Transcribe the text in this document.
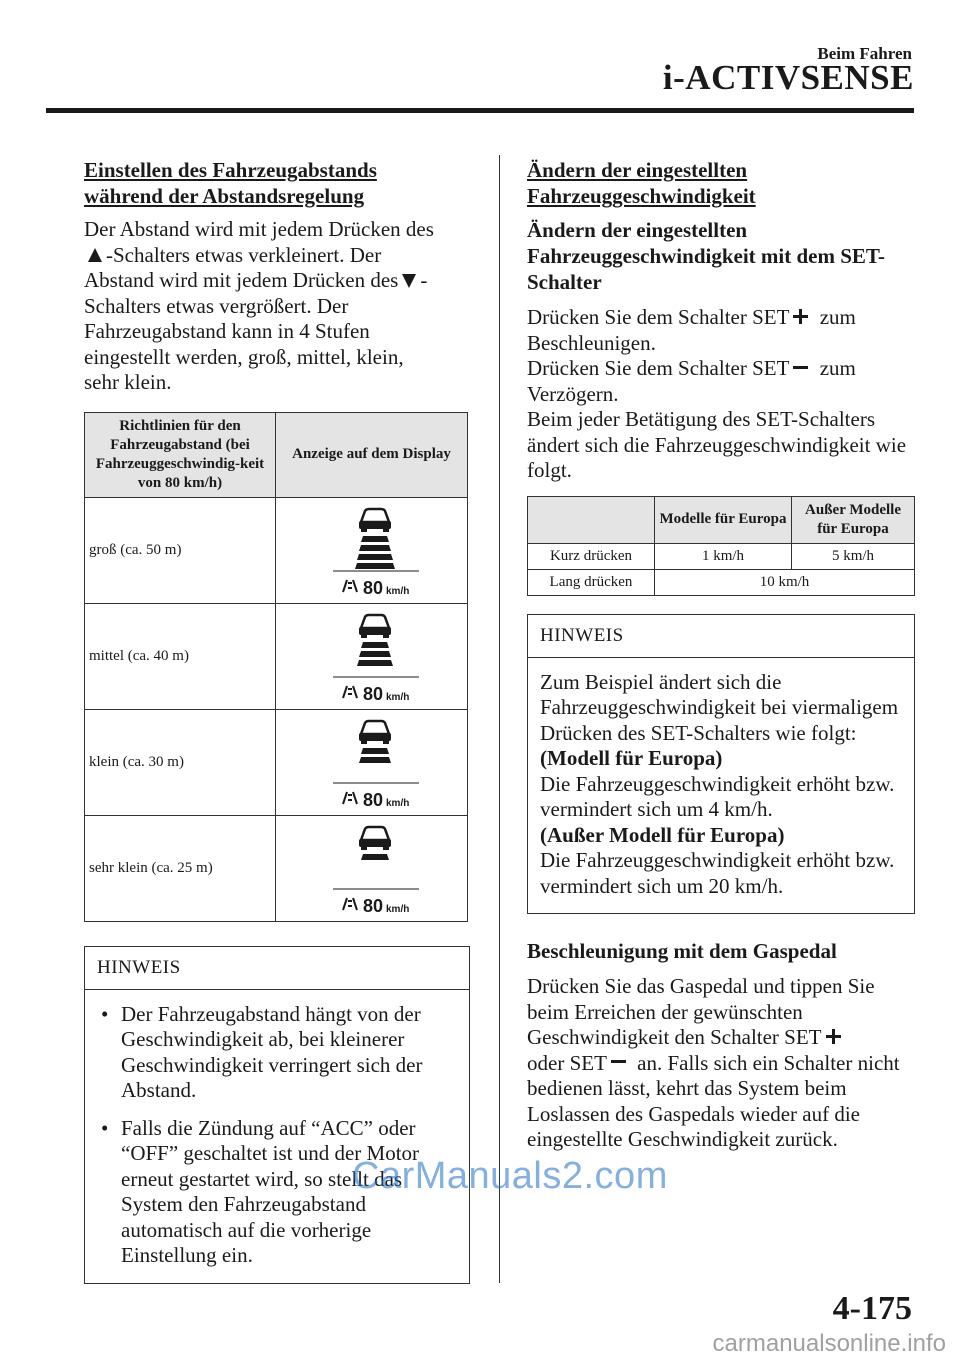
Beim Fahren
i-ACTIVSENSE
Einstellen des Fahrzeugabstands
während der Abstandsregelung
Der Abstand wird mit jedem Drücken des
-Schalters etwas verkleinert. Der
Abstand wird mit jedem Drücken des -
Schalters etwas vergrößert. Der
Fahrzeugabstand kann in 4 Stufen
eingestellt werden, groß, mittel, klein,
sehr klein.
Richtlinien für den Fahrzeugabstand (bei Fahrzeuggeschwindig-keit von 80 km/h)	Anzeige auf dem Display
groß (ca. 50 m)	80 km/h

mittel (ca. 40 m)	80 km/h

klein (ca. 30 m)	80 km/h

sehr klein (ca. 25 m)	80 km/h
HINWEIS
• Der Fahrzeugabstand hängt von der Geschwindigkeit ab, bei kleinerer Geschwindigkeit verringert sich der Abstand.
• Falls die Zündung auf “ACC” oder “OFF” geschaltet ist und der Motor erneut gestartet wird, so stellt das System den Fahrzeugabstand automatisch auf die vorherige Einstellung ein.
Ändern der eingestellten
Fahrzeuggeschwindigkeit
Ändern der eingestellten Fahrzeuggeschwindigkeit mit dem SET-Schalter
Drücken Sie dem Schalter SET zum Beschleunigen.
Drücken Sie dem Schalter SET zum Verzögern.
Beim jeder Betätigung des SET-Schalters ändert sich die Fahrzeuggeschwindigkeit wie folgt.
	Modelle für Europa	Außer Modelle für Europa
Kurz drücken	1 km/h	5 km/h
Lang drücken	10 km/h	
HINWEIS
Zum Beispiel ändert sich die Fahrzeuggeschwindigkeit bei viermaligem Drücken des SET-Schalters wie folgt:
(Modell für Europa)
Die Fahrzeuggeschwindigkeit erhöht bzw. vermindert sich um 4 km/h.
(Außer Modell für Europa)
Die Fahrzeuggeschwindigkeit erhöht bzw. vermindert sich um 20 km/h.
Beschleunigung mit dem Gaspedal
Drücken Sie das Gaspedal und tippen Sie beim Erreichen der gewünschten Geschwindigkeit den Schalter SET oder SET an. Falls sich ein Schalter nicht bedienen lässt, kehrt das System beim Loslassen des Gaspedals wieder auf die eingestellte Geschwindigkeit zurück.
4-175
CarManuals2.com
carmanualsonline.info
